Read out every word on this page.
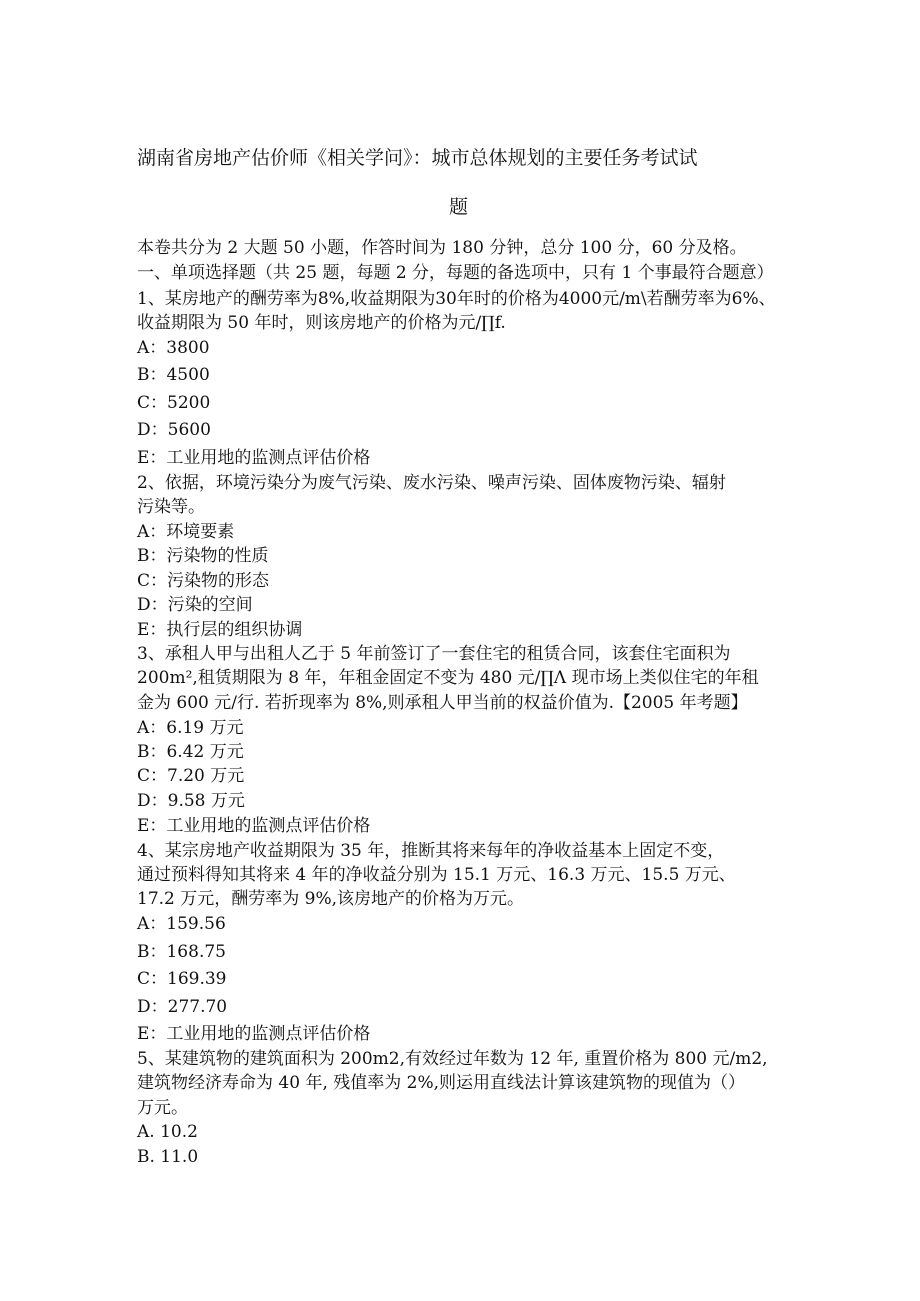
湖南省房地产估价师《相关学问》：城市总体规划的主要任务考试试
题
本卷共分为 2 大题 50 小题，作答时间为 180 分钟，总分 100 分，60 分及格。
一、单项选择题（共 25 题，每题 2 分，每题的备选项中，只有 1 个事最符合题意）
1、某房地产的酬劳率为8%,收益期限为30年时的价格为4000元∕m\若酬劳率为6%、
收益期限为 50 年时，则该房地产的价格为元∕∏f.
A：3800
B：4500
C：5200
D：5600
E：工业用地的监测点评估价格
2、依据，环境污染分为废气污染、废水污染、噪声污染、固体废物污染、辐射
污染等。
A：环境要素
B：污染物的性质
C：污染物的形态
D：污染的空间
E：执行层的组织协调
3、承租人甲与出租人乙于 5 年前签订了一套住宅的租赁合同，该套住宅面积为
200m²,租赁期限为 8 年，年租金固定不变为 480 元∕∏Λ 现市场上类似住宅的年租
金为 600 元/行. 若折现率为 8%,则承租人甲当前的权益价值为.【2005 年考题】
A：6.19 万元
B：6.42 万元
C：7.20 万元
D：9.58 万元
E：工业用地的监测点评估价格
4、某宗房地产收益期限为 35 年，推断其将来每年的净收益基本上固定不变，
通过预料得知其将来 4 年的净收益分别为 15.1 万元、16.3 万元、15.5 万元、
17.2 万元，酬劳率为 9%,该房地产的价格为万元。
A：159.56
B：168.75
C：169.39
D：277.70
E：工业用地的监测点评估价格
5、某建筑物的建筑面积为 200m2,有效经过年数为 12 年, 重置价格为 800 元/m2,
建筑物经济寿命为 40 年, 残值率为 2%,则运用直线法计算该建筑物的现值为（）
万元。
A. 10.2
B. 11.0
